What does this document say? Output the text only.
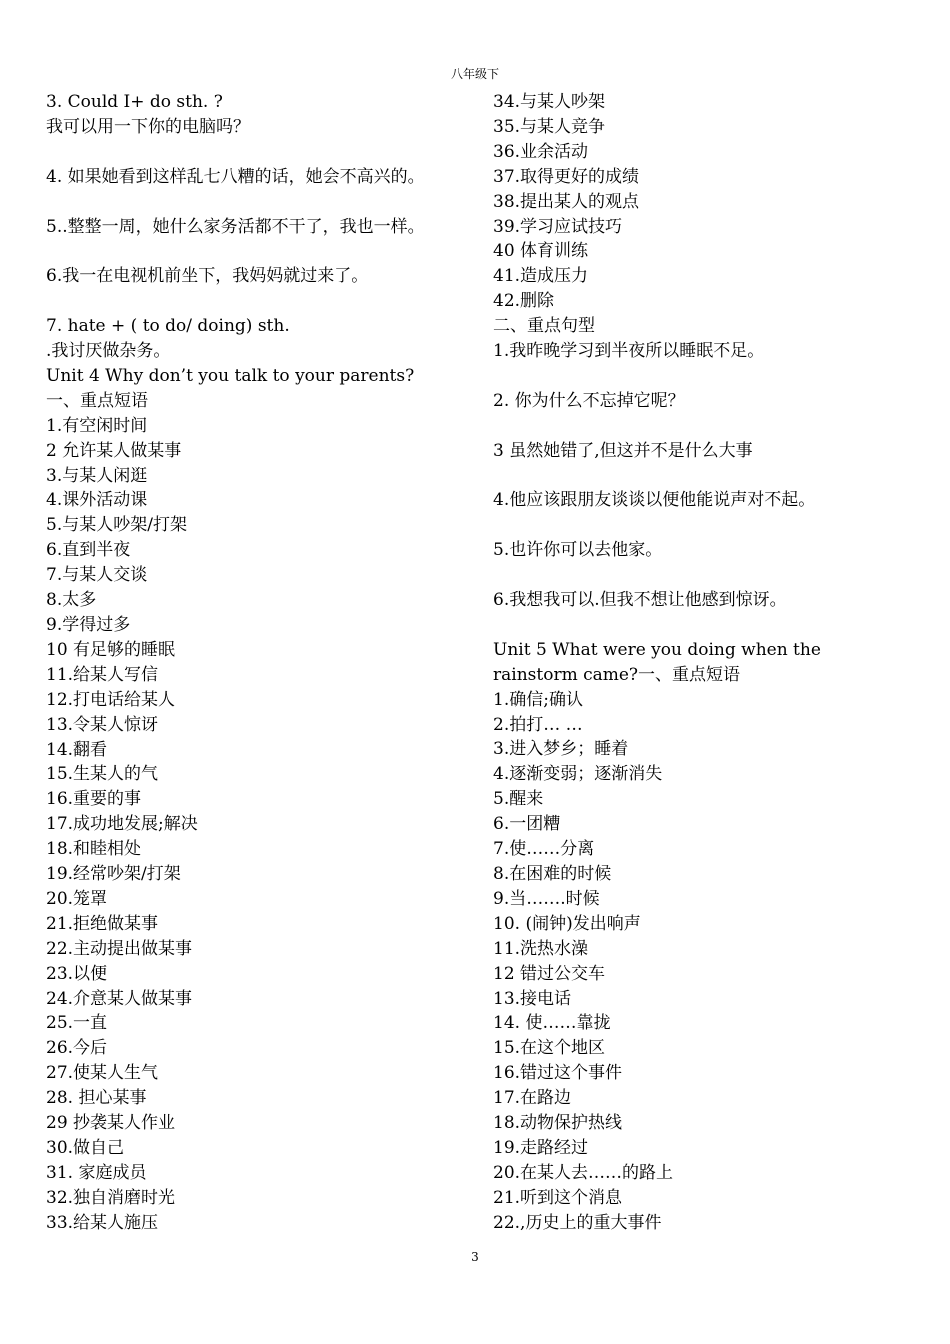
八年级下
3. Could I+ do sth. ?
我可以用一下你的电脑吗？
4. 如果她看到这样乱七八糟的话，她会不高兴的。
5..整整一周，她什么家务活都不干了，我也一样。
6.我一在电视机前坐下，我妈妈就过来了。
7. hate + ( to do/ doing) sth.
.我讨厌做杂务。
Unit 4 Why don’t you talk to your parents?
一、重点短语
1.有空闲时间
2 允许某人做某事
3.与某人闲逛
4.课外活动课
5.与某人吵架/打架
6.直到半夜
7.与某人交谈
8.太多
9.学得过多
10 有足够的睡眠
11.给某人写信
12.打电话给某人
13.令某人惊讶
14.翻看
15.生某人的气
16.重要的事
17.成功地发展;解决
18.和睦相处
19.经常吵架/打架
20.笼罩
21.拒绝做某事
22.主动提出做某事
23.以便
24.介意某人做某事
25.一直
26.今后
27.使某人生气
28. 担心某事
29 抄袭某人作业
30.做自己
31. 家庭成员
32.独自消磨时光
33.给某人施压
34.与某人吵架
35.与某人竞争
36.业余活动
37.取得更好的成绩
38.提出某人的观点
39.学习应试技巧
40 体育训练
41.造成压力
42.删除
二、重点句型
1.我昨晚学习到半夜所以睡眠不足。
2. 你为什么不忘掉它呢？
3 虽然她错了,但这并不是什么大事
4.他应该跟朋友谈谈以便他能说声对不起。
5.也许你可以去他家。
6.我想我可以.但我不想让他感到惊讶。
Unit 5 What were you doing when the
rainstorm came?一、重点短语
1.确信;确认
2.拍打… …
3.进入梦乡；睡着
4.逐渐变弱；逐渐消失
5.醒来
6.一团糟
7.使……分离
8.在困难的时候
9.当…….时候
10. (闹钟)发出响声
11.洗热水澡
12 错过公交车
13.接电话
14. 使……靠拢
15.在这个地区
16.错过这个事件
17.在路边
18.动物保护热线
19.走路经过
20.在某人去……的路上
21.听到这个消息
22.,历史上的重大事件
3
